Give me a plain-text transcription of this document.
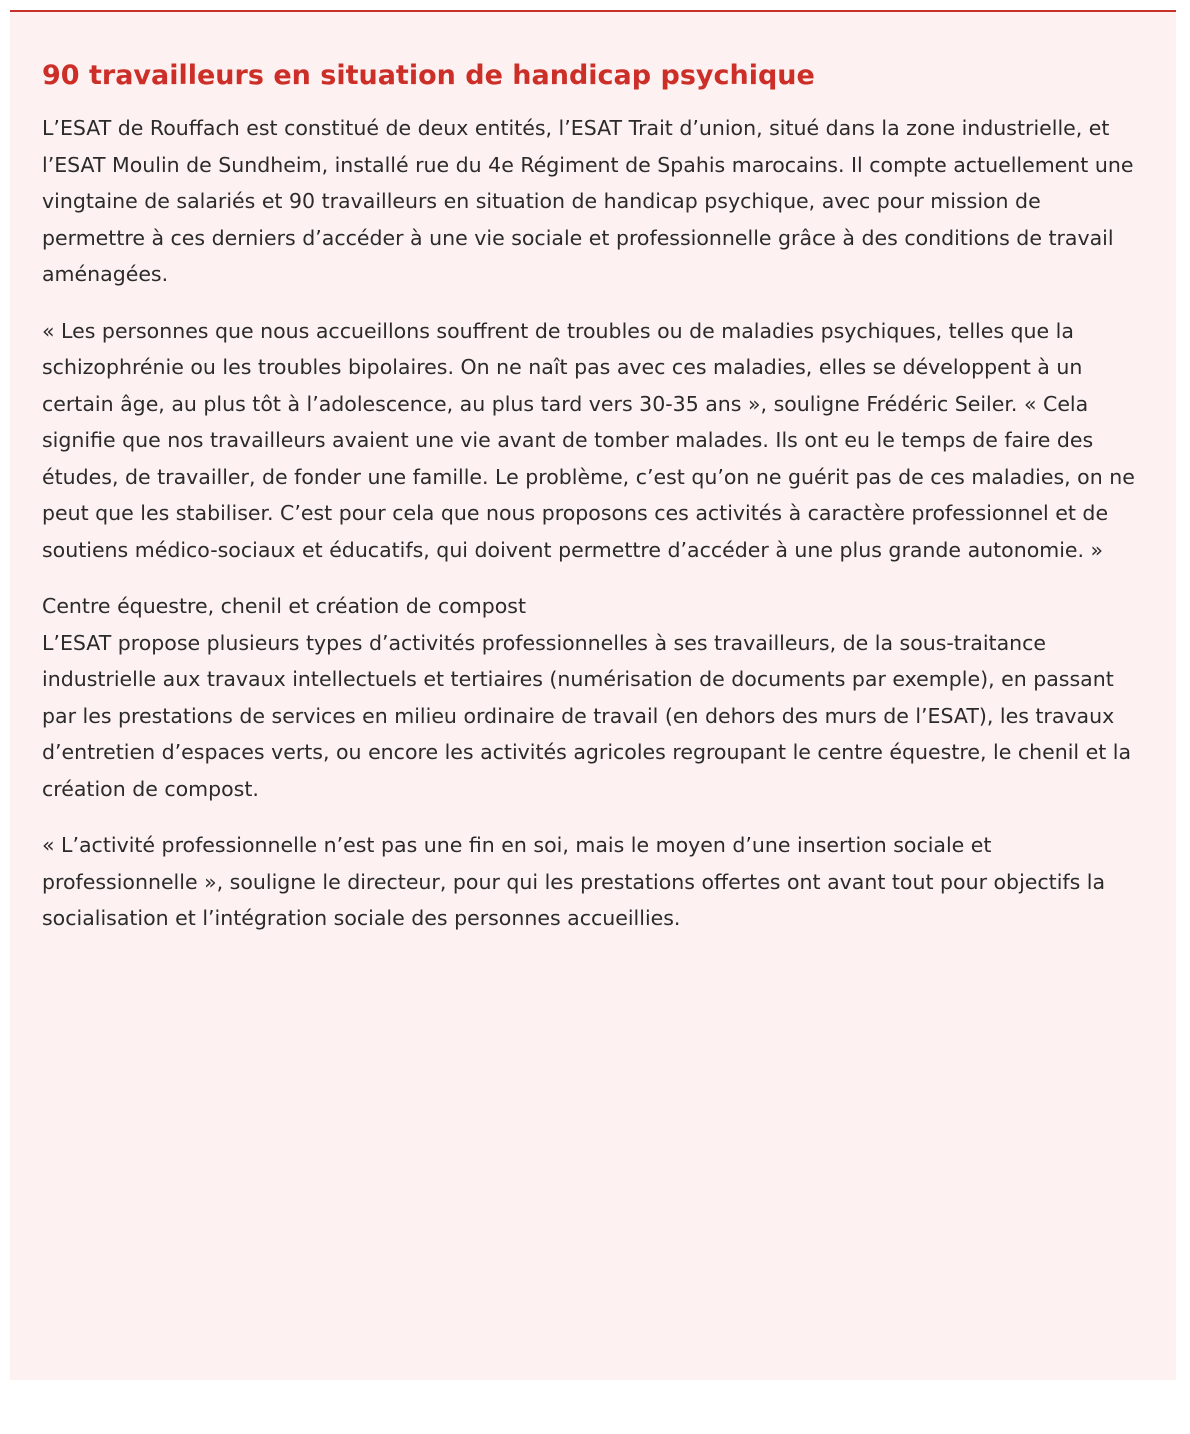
90 travailleurs en situation de handicap psychique

L’ESAT de Rouffach est constitué de deux entités, l’ESAT Trait d’union, situé dans la zone industrielle, et l’ESAT Moulin de Sundheim, installé rue du 4e Régiment de Spahis marocains. Il compte actuellement une vingtaine de salariés et 90 travailleurs en situation de handicap psychique, avec pour mission de permettre à ces derniers d’accéder à une vie sociale et professionnelle grâce à des conditions de travail aménagées.

« Les personnes que nous accueillons souffrent de troubles ou de maladies psychiques, telles que la schizophrénie ou les troubles bipolaires. On ne naît pas avec ces maladies, elles se développent à un certain âge, au plus tôt à l’adolescence, au plus tard vers 30-35 ans », souligne Frédéric Seiler. « Cela signifie que nos travailleurs avaient une vie avant de tomber malades. Ils ont eu le temps de faire des études, de travailler, de fonder une famille. Le problème, c’est qu’on ne guérit pas de ces maladies, on ne peut que les stabiliser. C’est pour cela que nous proposons ces activités à caractère professionnel et de soutiens médico-sociaux et éducatifs, qui doivent permettre d’accéder à une plus grande autonomie. »

Centre équestre, chenil et création de compost
L’ESAT propose plusieurs types d’activités professionnelles à ses travailleurs, de la sous-traitance industrielle aux travaux intellectuels et tertiaires (numérisation de documents par exemple), en passant par les prestations de services en milieu ordinaire de travail (en dehors des murs de l’ESAT), les travaux d’entretien d’espaces verts, ou encore les activités agricoles regroupant le centre équestre, le chenil et la création de compost.

« L’activité professionnelle n’est pas une fin en soi, mais le moyen d’une insertion sociale et professionnelle », souligne le directeur, pour qui les prestations offertes ont avant tout pour objectifs la socialisation et l’intégration sociale des personnes accueillies.
